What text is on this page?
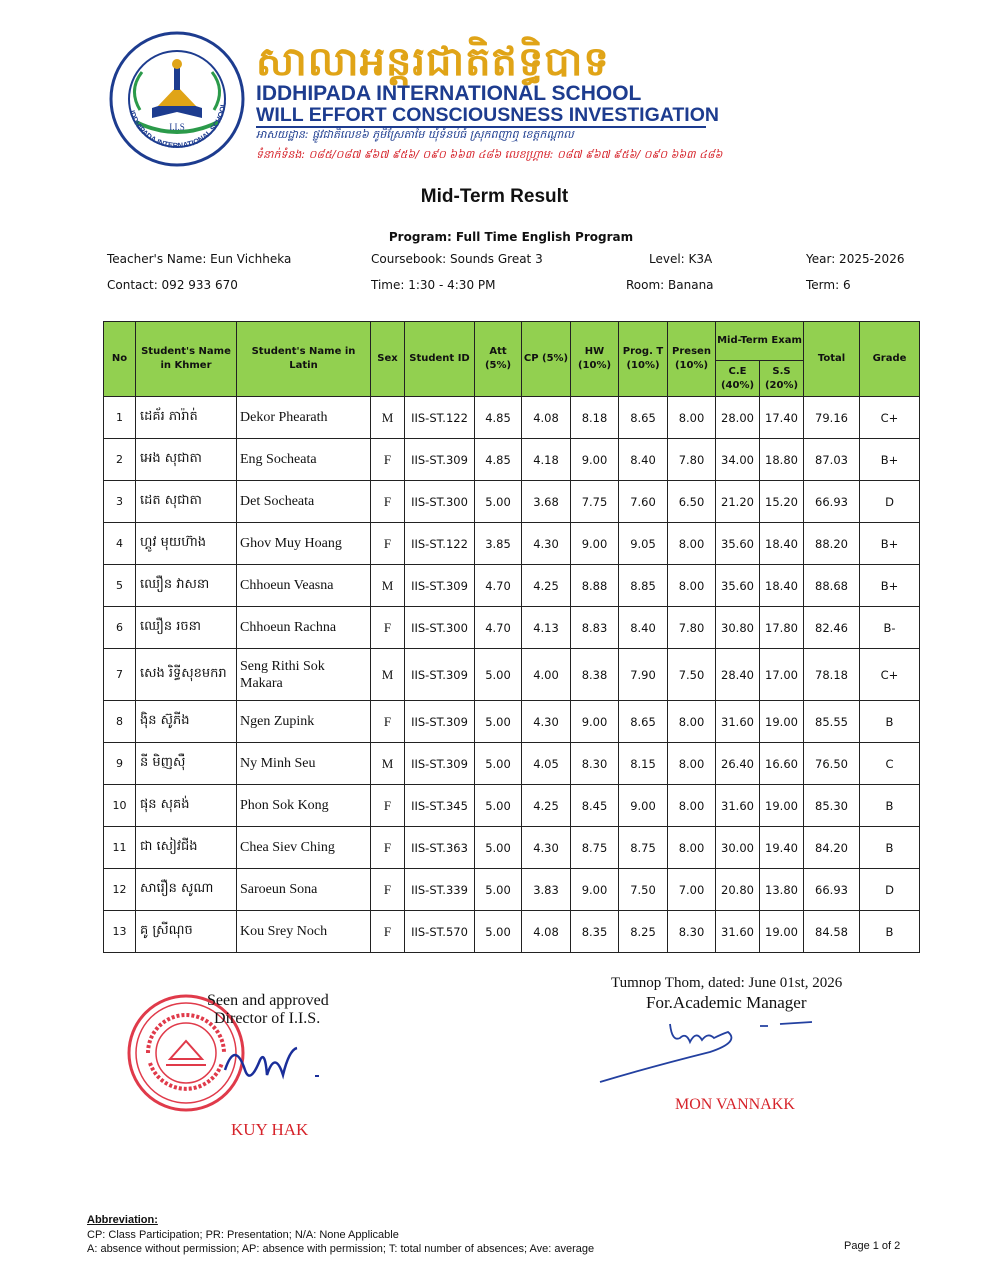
I.I.S
IDDHIPADA INTERNATIONAL SCHOOL
សាលាអន្តរជាតិឥទ្ធិបាទ
IDDHIPADA INTERNATIONAL SCHOOL
WILL EFFORT CONSCIOUSNESS INVESTIGATION
អាសយដ្ឋាន: ផ្លូវជាតិលេខ៦ ភូមិស្រែតាមៃ ឃុំទំនប់ធំ ស្រុកពញាឮ ខេត្តកណ្តាល
ទំនាក់ទំនង: ០៨៥/០៨៧ ៩៦៧ ៩៥៦/ ០៩០ ៦៦៣ ៤៨៦ លេខហ្គ្រាម: ០៨៧ ៩៦៧ ៩៥៦/ ០៩០ ៦៦៣ ៤៨៦
Mid-Term Result
Program: Full Time English Program
Teacher's Name: Eun Vichheka	Coursebook: Sounds Great 3	Level: K3A	Year: 2025-2026
Contact: 092 933 670	Time: 1:30 - 4:30 PM	Room: Banana	Term: 6
No	Student's Name in Khmer	Student's Name in Latin	Sex	Student ID	Att (5%)	CP (5%)	HW (10%)	Prog. T (10%)	Presen (10%)	Mid-Term Exam		Total	Grade
										C.E (40%)	S.S (20%)		
1	ដេគ័រ ភារ៉ាត់	Dekor Phearath	M	IIS-ST.122	4.85	4.08	8.18	8.65	8.00	28.00	17.40	79.16	C+
2	អេង សុជាតា	Eng Socheata	F	IIS-ST.309	4.85	4.18	9.00	8.40	7.80	34.00	18.80	87.03	B+
3	ដេត សុជាតា	Det Socheata	F	IIS-ST.300	5.00	3.68	7.75	7.60	6.50	21.20	15.20	66.93	D
4	ហ្គូវ មុយហ៊ាង	Ghov Muy Hoang	F	IIS-ST.122	3.85	4.30	9.00	9.05	8.00	35.60	18.40	88.20	B+
5	ឈឿន វាសនា	Chhoeun Veasna	M	IIS-ST.309	4.70	4.25	8.88	8.85	8.00	35.60	18.40	88.68	B+
6	ឈឿន រចនា	Chhoeun Rachna	F	IIS-ST.300	4.70	4.13	8.83	8.40	7.80	30.80	17.80	82.46	B-
7	សេង រិទ្ធីសុខមករា	Seng Rithi Sok Makara	M	IIS-ST.309	5.00	4.00	8.38	7.90	7.50	28.40	17.00	78.18	C+
8	ង៉ិន ស៊ូភីង	Ngen Zupink	F	IIS-ST.309	5.00	4.30	9.00	8.65	8.00	31.60	19.00	85.55	B
9	នី មិញស៊ឺ	Ny Minh Seu	M	IIS-ST.309	5.00	4.05	8.30	8.15	8.00	26.40	16.60	76.50	C
10	ផុន សុគង់	Phon Sok Kong	F	IIS-ST.345	5.00	4.25	8.45	9.00	8.00	31.60	19.00	85.30	B
11	ជា សៀវជីង	Chea Siev Ching	F	IIS-ST.363	5.00	4.30	8.75	8.75	8.00	30.00	19.40	84.20	B
12	សារឿន សូណា	Saroeun Sona	F	IIS-ST.339	5.00	3.83	9.00	7.50	7.00	20.80	13.80	66.93	D
13	គូ ស្រីណុច	Kou Srey Noch	F	IIS-ST.570	5.00	4.08	8.35	8.25	8.30	31.60	19.00	84.58	B
Seen and approved
Director of I.I.S.
KUY HAK
Tumnop Thom, dated: June 01st, 2026
For.Academic Manager
MON VANNAKK
Abbreviation:
CP: Class Participation; PR: Presentation; N/A: None Applicable
A: absence without permission; AP: absence with permission; T: total number of absences; Ave: average	Page 1 of 2
